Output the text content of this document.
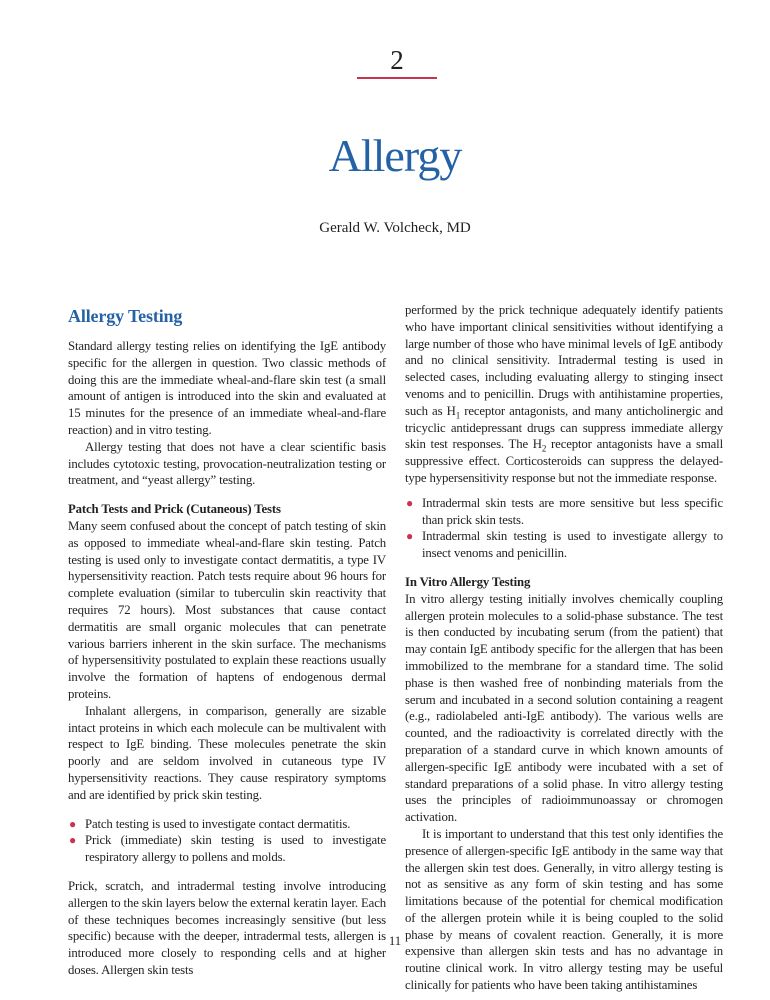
2
Allergy
Gerald W. Volcheck, MD
Allergy Testing

Standard allergy testing relies on identifying the IgE antibody specific for the allergen in question. Two classic methods of doing this are the immediate wheal-and-flare skin test (a small amount of antigen is introduced into the skin and evaluated at 15 minutes for the presence of an immediate wheal-and-flare reaction) and in vitro testing.

Allergy testing that does not have a clear scientific basis includes cytotoxic testing, provocation-neutralization testing or treatment, and “yeast allergy” testing.

Patch Tests and Prick (Cutaneous) Tests

Many seem confused about the concept of patch testing of skin as opposed to immediate wheal-and-flare skin testing. Patch testing is used only to investigate contact dermatitis, a type IV hypersensitivity reaction. Patch tests require about 96 hours for complete evaluation (similar to tuberculin skin reactivity that requires 72 hours). Most substances that cause contact dermatitis are small organic molecules that can penetrate various barriers inherent in the skin surface. The mechanisms of hypersensitivity postulated to explain these reactions usually involve the formation of haptens of endogenous dermal proteins.

Inhalant allergens, in comparison, generally are sizable intact proteins in which each molecule can be multivalent with respect to IgE binding. These molecules penetrate the skin poorly and are seldom involved in cutaneous type IV hypersensitivity reactions. They cause respiratory symptoms and are identified by prick skin testing.

● Patch testing is used to investigate contact dermatitis.
● Prick (immediate) skin testing is used to investigate respiratory allergy to pollens and molds.

Prick, scratch, and intradermal testing involve introducing allergen to the skin layers below the external keratin layer. Each of these techniques becomes increasingly sensitive (but less specific) because with the deeper, intradermal tests, allergen is introduced more closely to responding cells and at higher doses. Allergen skin tests

performed by the prick technique adequately identify patients who have important clinical sensitivities without identifying a large number of those who have minimal levels of IgE antibody and no clinical sensitivity. Intradermal testing is used in selected cases, including evaluating allergy to stinging insect venoms and to penicillin. Drugs with antihistamine properties, such as $H_1$ receptor antagonists, and many anticholinergic and tricyclic antidepressant drugs can suppress immediate allergy skin test responses. The $H_2$ receptor antagonists have a small suppressive effect. Corticosteroids can suppress the delayed-type hypersensitivity response but not the immediate response.

● Intradermal skin tests are more sensitive but less specific than prick skin tests.
● Intradermal skin testing is used to investigate allergy to insect venoms and penicillin.
In Vitro Allergy Testing

In vitro allergy testing initially involves chemically coupling allergen protein molecules to a solid-phase substance. The test is then conducted by incubating serum (from the patient) that may contain IgE antibody specific for the allergen that has been immobilized to the membrane for a standard time. The solid phase is then washed free of nonbinding materials from the serum and incubated in a second solution containing a reagent (e.g., radiolabeled anti-IgE antibody). The various wells are counted, and the radioactivity is correlated directly with the preparation of a standard curve in which known amounts of allergen-specific IgE antibody were incubated with a set of standard preparations of a solid phase. In vitro allergy testing uses the principles of radioimmunoassay or chromogen activation.

It is important to understand that this test only identifies the presence of allergen-specific IgE antibody in the same way that the allergen skin test does. Generally, in vitro allergy testing is not as sensitive as any form of skin testing and has some limitations because of the potential for chemical modification of the allergen protein while it is being coupled to the solid phase by means of covalent reaction. Generally, it is more expensive than allergen skin tests and has no advantage in routine clinical work. In vitro allergy testing may be useful clinically for patients who have been taking antihistamines

11
